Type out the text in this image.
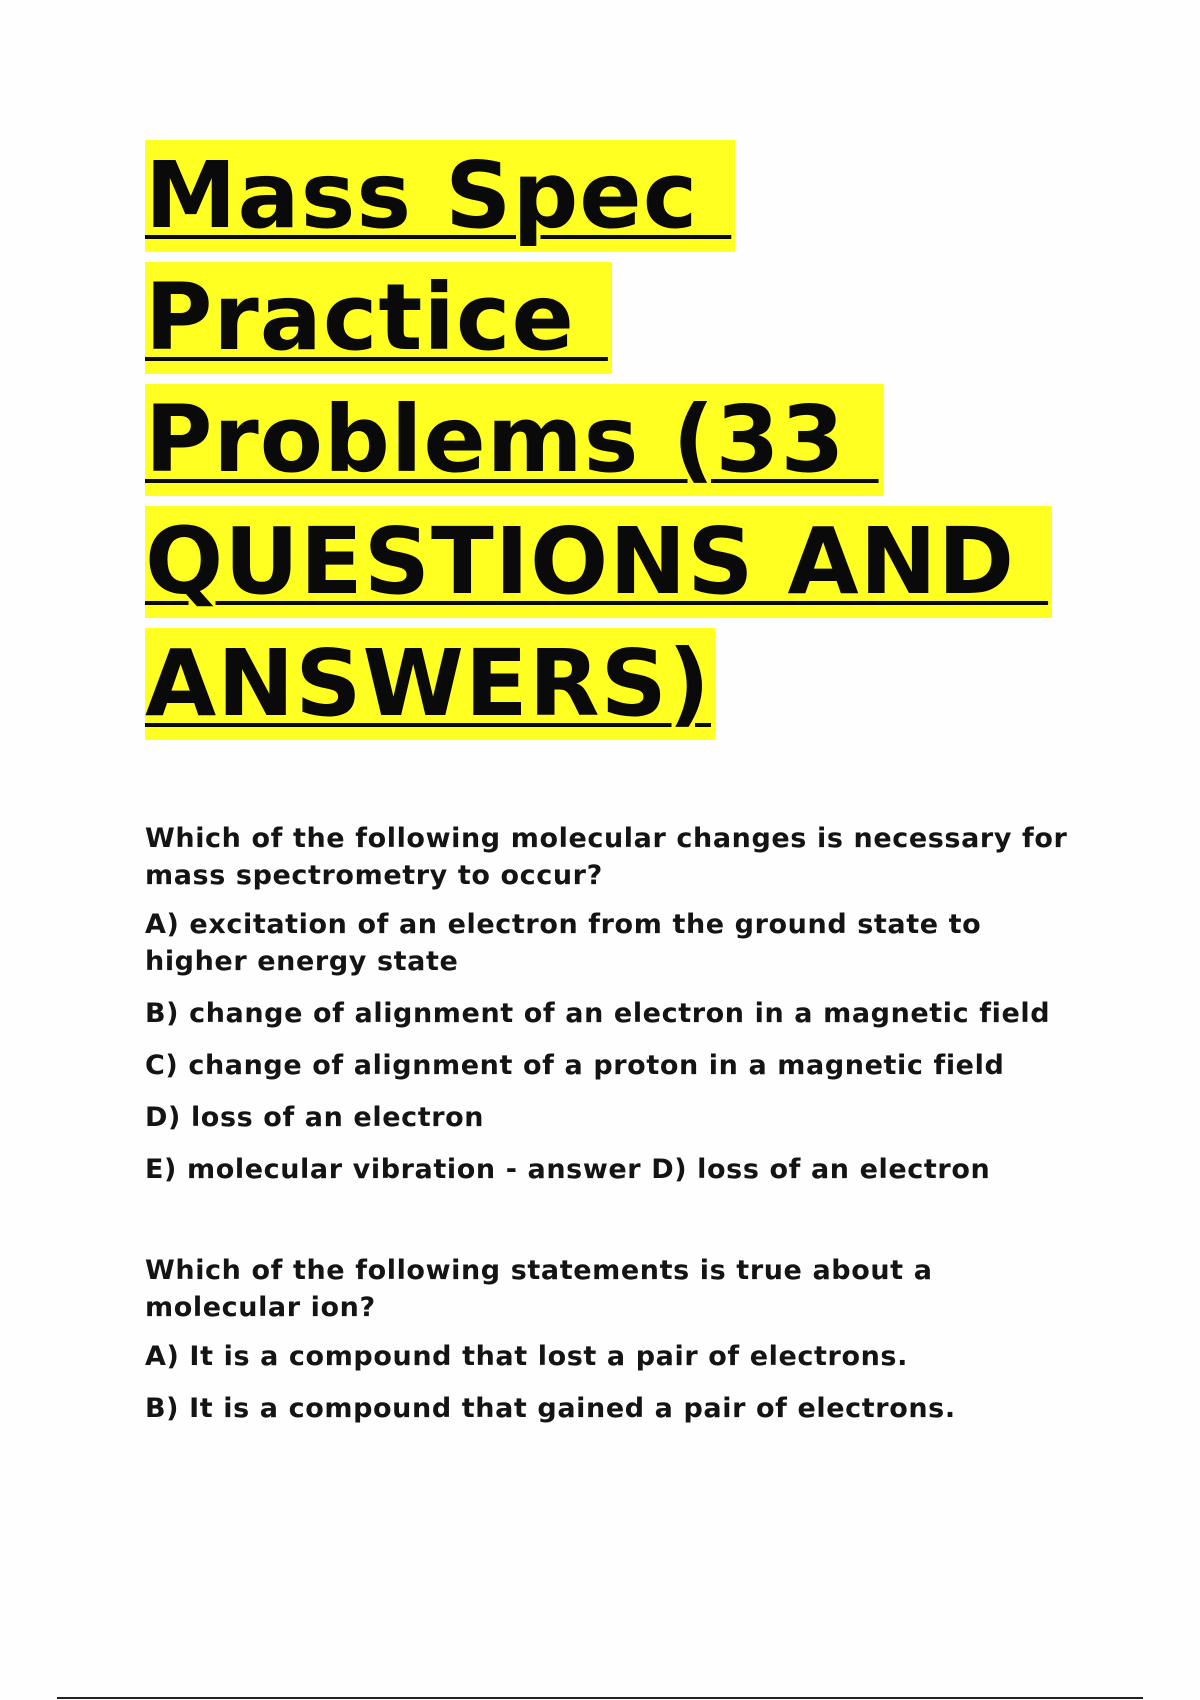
Mass Spec
Practice
Problems (33
QUESTIONS AND
ANSWERS)

Which of the following molecular changes is necessary for mass spectrometry to occur?

A) excitation of an electron from the ground state to higher energy state

B) change of alignment of an electron in a magnetic field

C) change of alignment of a proton in a magnetic field

D) loss of an electron

E) molecular vibration - answer D) loss of an electron

Which of the following statements is true about a molecular ion?

A) It is a compound that lost a pair of electrons.

B) It is a compound that gained a pair of electrons.
